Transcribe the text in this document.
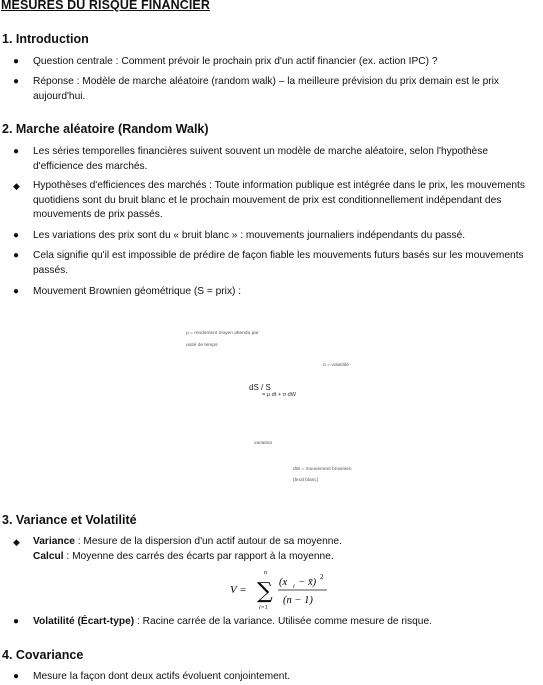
MESURES DU RISQUE FINANCIER
1. Introduction
● Question centrale : Comment prévoir le prochain prix d'un actif financier (ex. action IPC) ?
● Réponse : Modèle de marche aléatoire (random walk) – la meilleure prévision du prix demain est le prix aujourd'hui.
2. Marche aléatoire (Random Walk)
● Les séries temporelles financières suivent souvent un modèle de marche aléatoire, selon l'hypothèse d'efficience des marchés.
◆ Hypothèses d'efficiences des marchés : Toute information publique est intégrée dans le prix, les mouvements quotidiens sont du bruit blanc et le prochain mouvement de prix est conditionnellement indépendant des mouvements de prix passés.
● Les variations des prix sont du « bruit blanc » : mouvements journaliers indépendants du passé.
● Cela signifie qu'il est impossible de prédire de façon fiable les mouvements futurs basés sur les mouvements passés.
● Mouvement Brownien géométrique (S = prix) :
μ = rendement moyen attendu par
unité de temps
σ = volatilité
dS / S
= μ dt + σ dW
variation
dW = mouvement brownien
(bruit blanc)
3. Variance et Volatilité
◆ Variance : Mesure de la dispersion d'un actif autour de sa moyenne.
Calcul : Moyenne des carrés des écarts par rapport à la moyenne.
V = ∑
n
i=1
(x i − x̄) 2
(n − 1)
● Volatilité (Écart-type) : Racine carrée de la variance. Utilisée comme mesure de risque.
4. Covariance
● Mesure la façon dont deux actifs évoluent conjointement.
